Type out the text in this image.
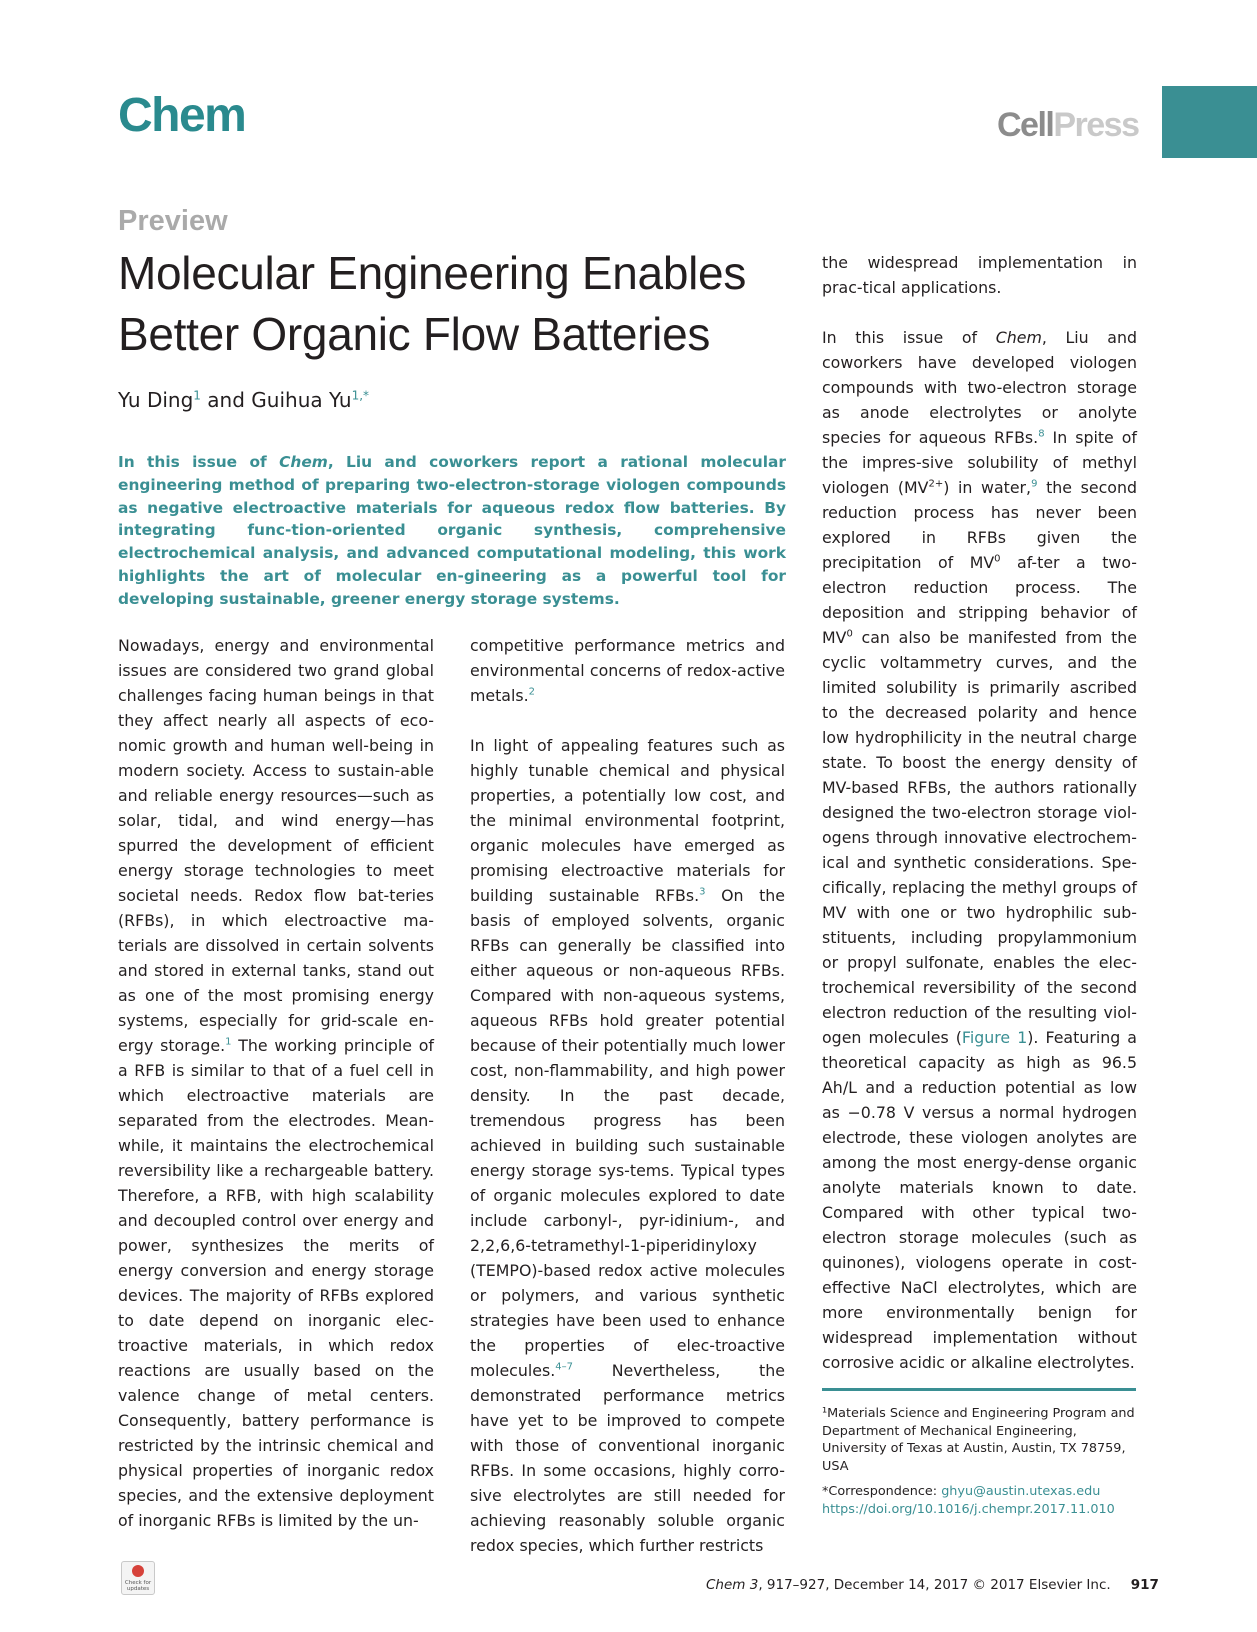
Chem	CellPress
Preview
Molecular Engineering Enables
Better Organic Flow Batteries
Yu Ding$^1$ and Guihua $Yu^{1,*}$

In this issue of Chem, Liu and coworkers report a rational molecular engineering method of preparing two-electron-storage viologen compounds as negative electroactive materials for aqueous redox flow batteries. By integrating func-tion-oriented organic synthesis, comprehensive electrochemical analysis, and advanced computational modeling, this work highlights the art of molecular en-gineering as a powerful tool for developing sustainable, greener energy storage systems.

Nowadays, energy and environmental issues are considered two grand global challenges facing human beings in that they affect nearly all aspects of eco-nomic growth and human well-being in modern society. Access to sustain-able and reliable energy resources—such as solar, tidal, and wind energy—has spurred the development of efficient energy storage technologies to meet societal needs. Redox flow bat-teries (RFBs), in which electroactive ma-terials are dissolved in certain solvents and stored in external tanks, stand out as one of the most promising energy systems, especially for grid-scale en-ergy storage.$^1$ The working principle of a RFB is similar to that of a fuel cell in which electroactive materials are separated from the electrodes. Mean-while, it maintains the electrochemical reversibility like a rechargeable battery. Therefore, a RFB, with high scalability and decoupled control over energy and power, synthesizes the merits of energy conversion and energy storage devices. The majority of RFBs explored to date depend on inorganic elec-troactive materials, in which redox reactions are usually based on the valence change of metal centers. Consequently, battery performance is restricted by the intrinsic chemical and physical properties of inorganic redox species, and the extensive deployment of inorganic RFBs is limited by the un-

competitive performance metrics and environmental concerns of redox-active metals.$^2$

In light of appealing features such as highly tunable chemical and physical properties, a potentially low cost, and the minimal environmental footprint, organic molecules have emerged as promising electroactive materials for building sustainable RFBs.$^3$ On the basis of employed solvents, organic RFBs can generally be classified into either aqueous or non-aqueous RFBs. Compared with non-aqueous systems, aqueous RFBs hold greater potential because of their potentially much lower cost, non-flammability, and high power density. In the past decade, tremendous progress has been achieved in building such sustainable energy storage sys-tems. Typical types of organic molecules explored to date include carbonyl-, pyr-idinium-, and 2,2,6,6-tetramethyl-1-piperidinyloxy (TEMPO)-based redox active molecules or polymers, and various synthetic strategies have been used to enhance the properties of elec-troactive molecules.$^{4-7}$ Nevertheless, the demonstrated performance metrics have yet to be improved to compete with those of conventional inorganic RFBs. In some occasions, highly corro-sive electrolytes are still needed for achieving reasonably soluble organic redox species, which further restricts

the widespread implementation in prac-tical applications.

In this issue of Chem, Liu and coworkers have developed viologen compounds with two-electron storage as anode electrolytes or anolyte species for aqueous RFBs.$^8$ In spite of the impres-sive solubility of methyl viologen $(MV^{2+})$ in water,$^9$ the second reduction process has never been explored in RFBs given the precipitation of $MV^0$ af-ter a two-electron reduction process. The deposition and stripping behavior of $MV^0$ can also be manifested from the cyclic voltammetry curves, and the limited solubility is primarily ascribed to the decreased polarity and hence low hydrophilicity in the neutral charge state. To boost the energy density of MV-based RFBs, the authors rationally designed the two-electron storage viol-ogens through innovative electrochem-ical and synthetic considerations. Spe-cifically, replacing the methyl groups of MV with one or two hydrophilic sub-stituents, including propylammonium or propyl sulfonate, enables the elec-trochemical reversibility of the second electron reduction of the resulting viol-ogen molecules (Figure 1). Featuring a theoretical capacity as high as 96.5 Ah/L and a reduction potential as low as −0.78 V versus a normal hydrogen electrode, these viologen anolytes are among the most energy-dense organic anolyte materials known to date. Compared with other typical two-electron storage molecules (such as quinones), viologens operate in cost-effective NaCl electrolytes, which are more environmentally benign for widespread implementation without corrosive acidic or alkaline electrolytes.

¹Materials Science and Engineering Program and Department of Mechanical Engineering, University of Texas at Austin, Austin, TX 78759, USA

*Correspondence: ghyu@austin.utexas.edu

https://doi.org/10.1016/j.chempr.2017.11.010

Check for updates	Chem 3, 917–927, December 14, 2017 © 2017 Elsevier Inc. 917
